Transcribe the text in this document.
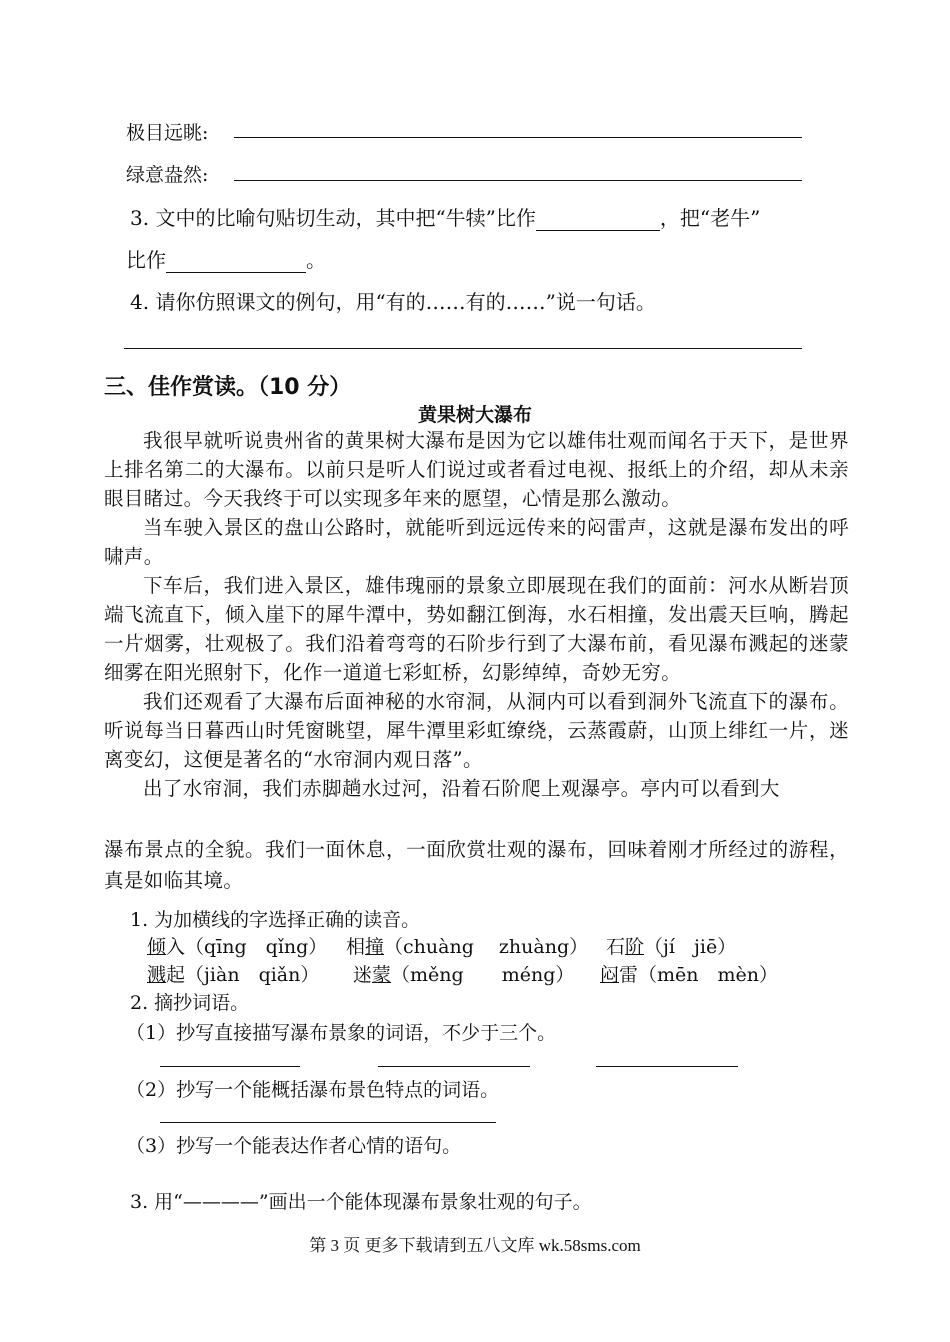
极目远眺:
绿意盎然:
3. 文中的比喻句贴切生动，其中把“牛犊”比作	，把“老牛”
比作	。
4. 请你仿照课文的例句，用“有的……有的……”说一句话。
三、佳作赏读。（10 分）
黄果树大瀑布

我很早就听说贵州省的黄果树大瀑布是因为它以雄伟壮观而闻名于天下，是世界上排名第二的大瀑布。以前只是听人们说过或者看过电视、报纸上的介绍，却从未亲眼目睹过。今天我终于可以实现多年来的愿望，心情是那么激动。

当车驶入景区的盘山公路时，就能听到远远传来的闷雷声，这就是瀑布发出的呼啸声。

下车后，我们进入景区，雄伟瑰丽的景象立即展现在我们的面前：河水从断岩顶端飞流直下，倾入崖下的犀牛潭中，势如翻江倒海，水石相撞，发出震天巨响，腾起一片烟雾，壮观极了。我们沿着弯弯的石阶步行到了大瀑布前，看见瀑布溅起的迷蒙细雾在阳光照射下，化作一道道七彩虹桥，幻影绰绰，奇妙无穷。

我们还观看了大瀑布后面神秘的水帘洞，从洞内可以看到洞外飞流直下的瀑布。听说每当日暮西山时凭窗眺望，犀牛潭里彩虹缭绕，云蒸霞蔚，山顶上绯红一片，迷离变幻，这便是著名的“水帘洞内观日落”。

出了水帘洞，我们赤脚趟水过河，沿着石阶爬上观瀑亭。亭内可以看到大

瀑布景点的全貌。我们一面休息，一面欣赏壮观的瀑布，回味着刚才所经过的游程，真是如临其境。

1. 为加横线的字选择正确的读音。
倾入（qīng　qǐng） 相撞（chuàng　 zhuàng） 石阶（jí　jiē）
溅起（jiàn　qiǎn） 迷蒙（měng　　méng） 闷雷（mēn　mèn）
2. 摘抄词语。
（1）抄写直接描写瀑布景象的词语，不少于三个。
（2）抄写一个能概括瀑布景色特点的词语。
（3）抄写一个能表达作者心情的语句。
3. 用“————”画出一个能体现瀑布景象壮观的句子。
第 3 页 更多下载请到五八文库 wk.58sms.com
